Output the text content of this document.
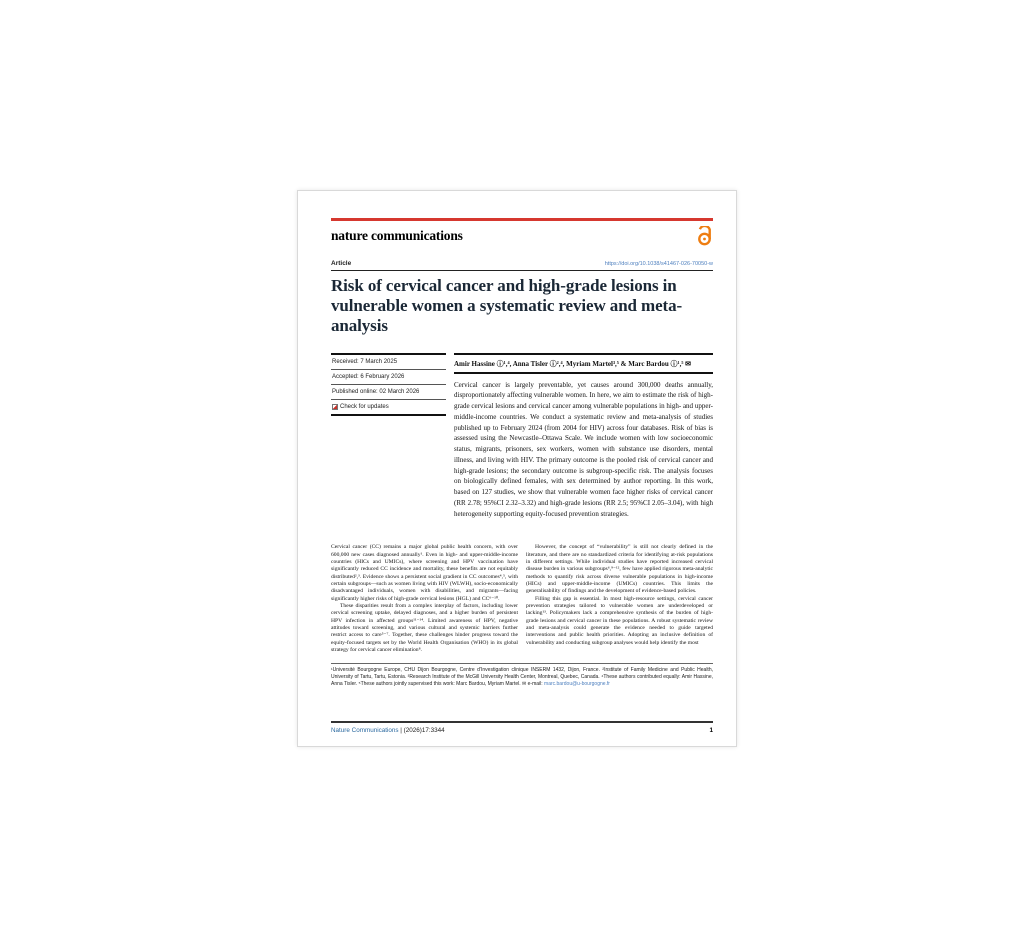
nature communications
Article	https://doi.org/10.1038/s41467-026-70050-w
Risk of cervical cancer and high-grade lesions in vulnerable women a systematic review and meta-analysis
Received: 7 March 2025
Accepted: 6 February 2026
Published online: 02 March 2026
Check for updates
Amir Hassine ⓘ¹,⁴, Anna Tisler ⓘ²,⁴, Myriam Martel³,⁵ & Marc Bardou ⓘ¹,⁵ ✉

Cervical cancer is largely preventable, yet causes around 300,000 deaths annually, disproportionately affecting vulnerable women. In here, we aim to estimate the risk of high-grade cervical lesions and cervical cancer among vulnerable populations in high- and upper-middle-income countries. We conduct a systematic review and meta-analysis of studies published up to February 2024 (from 2004 for HIV) across four databases. Risk of bias is assessed using the Newcastle–Ottawa Scale. We include women with low socioeconomic status, migrants, prisoners, sex workers, women with substance use disorders, mental illness, and living with HIV. The primary outcome is the pooled risk of cervical cancer and high-grade lesions; the secondary outcome is subgroup-specific risk. The analysis focuses on biologically defined females, with sex determined by author reporting. In this work, based on 127 studies, we show that vulnerable women face higher risks of cervical cancer (RR 2.78; 95%CI 2.32–3.32) and high-grade lesions (RR 2.5; 95%CI 2.05–3.04), with high heterogeneity supporting equity-focused prevention strategies.

Cervical cancer (CC) remains a major global public health concern, with over 600,000 new cases diagnosed annually¹. Even in high- and upper-middle-income countries (HICs and UMICs), where screening and HPV vaccination have significantly reduced CC incidence and mortality, these benefits are not equitably distributed²,³. Evidence shows a persistent social gradient in CC outcomes⁴,⁵, with certain subgroups—such as women living with HIV (WLWH), socio-economically disadvantaged individuals, women with disabilities, and migrants—facing significantly higher risks of high-grade cervical lesions (HGL) and CC⁶⁻¹⁰.

These disparities result from a complex interplay of factors, including lower cervical screening uptake, delayed diagnoses, and a higher burden of persistent HPV infection in affected groups¹¹⁻¹⁴. Limited awareness of HPV, negative attitudes toward screening, and various cultural and systemic barriers further restrict access to care⁵⁻⁷. Together, these challenges hinder progress toward the equity-focused targets set by the World Health Organisation (WHO) in its global strategy for cervical cancer elimination⁸.

However, the concept of “vulnerability” is still not clearly defined in the literature, and there are no standardized criteria for identifying at-risk populations in different settings. While individual studies have reported increased cervical disease burden in various subgroups⁶,⁹⁻¹², few have applied rigorous meta-analytic methods to quantify risk across diverse vulnerable populations in high-income (HICs) and upper-middle-income (UMICs) countries. This limits the generalisability of findings and the development of evidence-based policies.

Filling this gap is essential. In most high-resource settings, cervical cancer prevention strategies tailored to vulnerable women are underdeveloped or lacking¹³. Policymakers lack a comprehensive synthesis of the burden of high-grade lesions and cervical cancer in these populations. A robust systematic review and meta-analysis could generate the evidence needed to guide targeted interventions and public health priorities. Adopting an inclusive definition of vulnerability and conducting subgroup analyses would help identify the most

¹Université Bourgogne Europe, CHU Dijon Bourgogne, Centre d’Investigation clinique INSERM 1432, Dijon, France. ²Institute of Family Medicine and Public Health, University of Tartu, Tartu, Estonia. ³Research Institute of the McGill University Health Center, Montreal, Quebec, Canada. ⁴These authors contributed equally: Amir Hassine, Anna Tisler. ⁵These authors jointly supervised this work: Marc Bardou, Myriam Martel. ✉ e-mail: marc.bardou@u-bourgogne.fr

Nature Communications | (2026)17:3344	1
